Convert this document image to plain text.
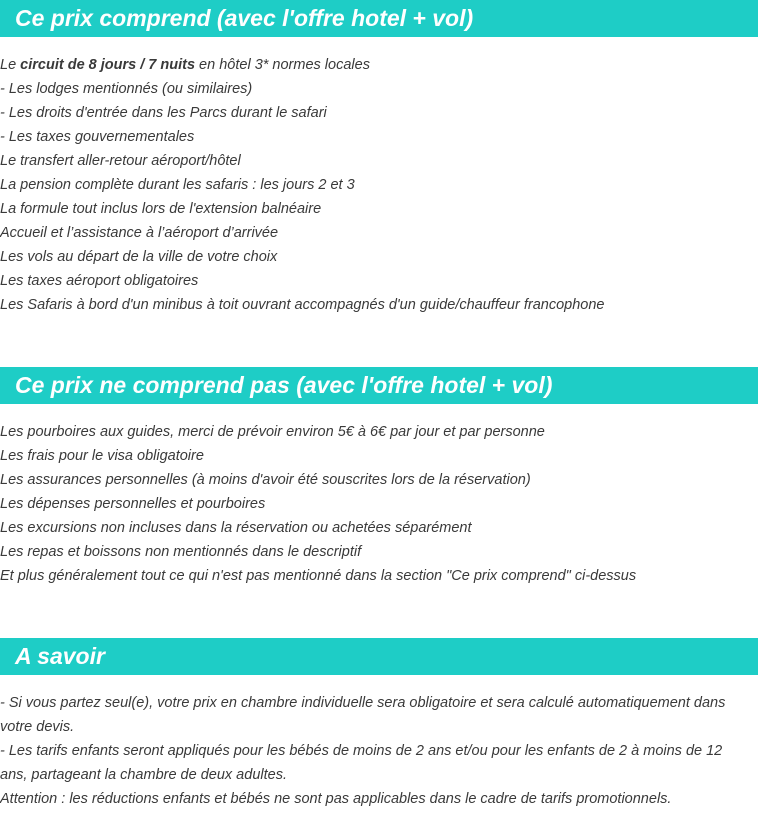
Ce prix comprend (avec l'offre hotel + vol)
Le circuit de 8 jours / 7 nuits en hôtel 3* normes locales
- Les lodges mentionnés (ou similaires)
- Les droits d'entrée dans les Parcs durant le safari
- Les taxes gouvernementales
Le transfert aller-retour aéroport/hôtel
La pension complète durant les safaris : les jours 2 et 3
La formule tout inclus lors de l'extension balnéaire
Accueil et l’assistance à l’aéroport d’arrivée
Les vols au départ de la ville de votre choix
Les taxes aéroport obligatoires
Les Safaris à bord d'un minibus à toit ouvrant accompagnés d'un guide/chauffeur francophone
Ce prix ne comprend pas (avec l'offre hotel + vol)
Les pourboires aux guides, merci de prévoir environ 5€ à 6€ par jour et par personne
Les frais pour le visa obligatoire
Les assurances personnelles (à moins d'avoir été souscrites lors de la réservation)
Les dépenses personnelles et pourboires
Les excursions non incluses dans la réservation ou achetées séparément
Les repas et boissons non mentionnés dans le descriptif
Et plus généralement tout ce qui n'est pas mentionné dans la section "Ce prix comprend" ci-dessus
A savoir
- Si vous partez seul(e), votre prix en chambre individuelle sera obligatoire et sera calculé automatiquement dans votre devis.
- Les tarifs enfants seront appliqués pour les bébés de moins de 2 ans et/ou pour les enfants de 2 à moins de 12 ans, partageant la chambre de deux adultes.
Attention : les réductions enfants et bébés ne sont pas applicables dans le cadre de tarifs promotionnels.
